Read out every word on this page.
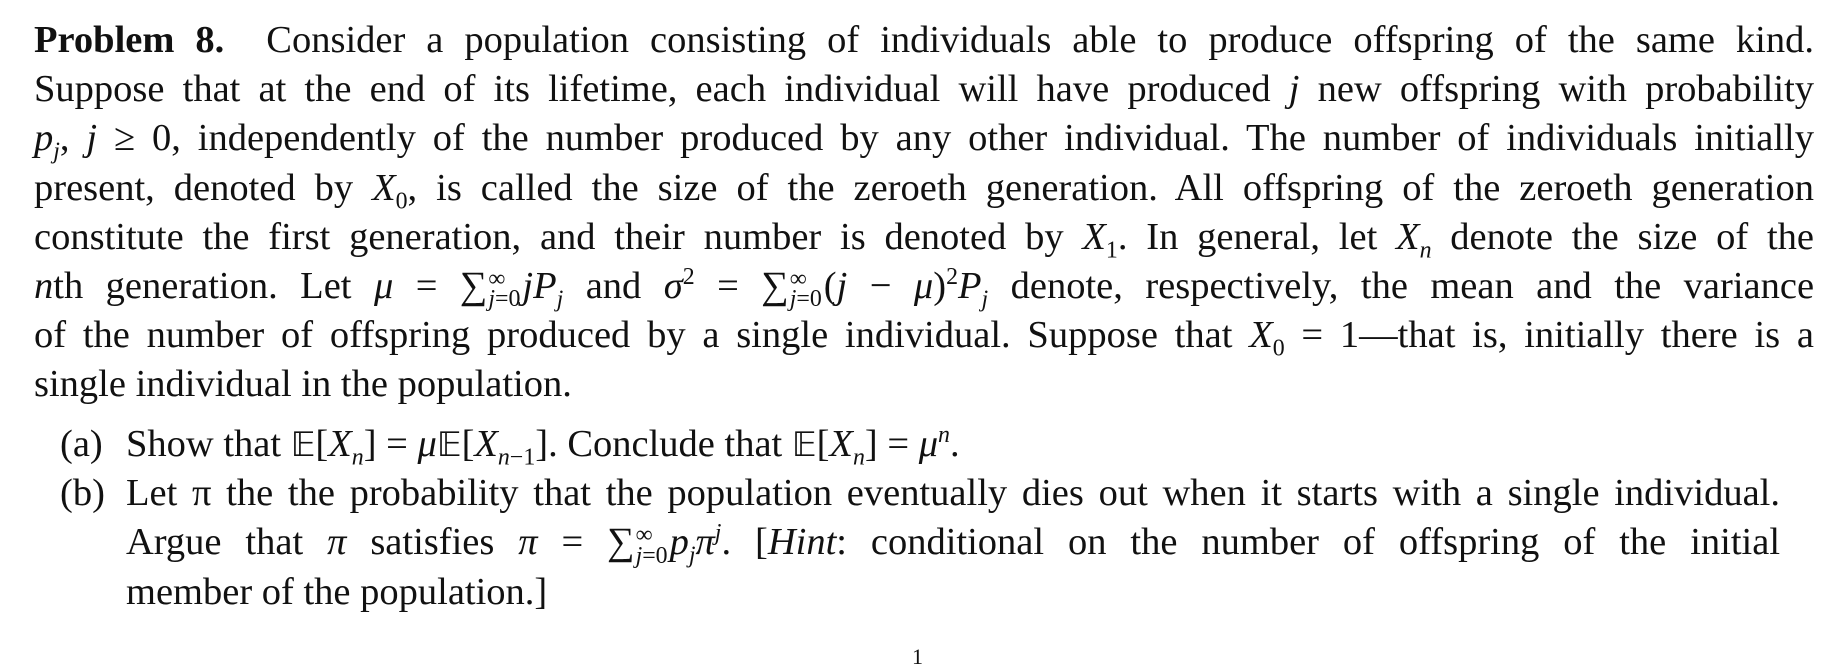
Problem 8. Consider a population consisting of individuals able to produce offspring of the same kind.
Suppose that at the end of its lifetime, each individual will have produced j new offspring with probability
$p_j$, j ≥ 0, independently of the number produced by any other individual. The number of individuals initially
present, denoted by $X_0$, is called the size of the zeroeth generation. All offspring of the zeroeth generation
constitute the first generation, and their number is denoted by $X_1$. In general, let $X_n$ denote the size of the
nth generation. Let μ = ∑ ∞
j=0 $jP_j$ and $\sigma^2$ = ∑ ∞
j=0 $(j - \mu)^2P_j$ denote, respectively, the mean and the variance
of the number of offspring produced by a single individual. Suppose that $X_0$ = 1—that is, initially there is a
single individual in the population.
(a) Show that $𝔼[X_n]$ = $\mu 𝔼[X_{n-1}]$. Conclude that $𝔼[X_n] = \mu^n$.
(b) Let π the the probability that the population eventually dies out when it starts with a single individual.
Argue that π satisfies π = ∑ ∞
j=0 $p_j\pi^j$. [Hint: conditional on the number of offspring of the initial
member of the population.]
1
